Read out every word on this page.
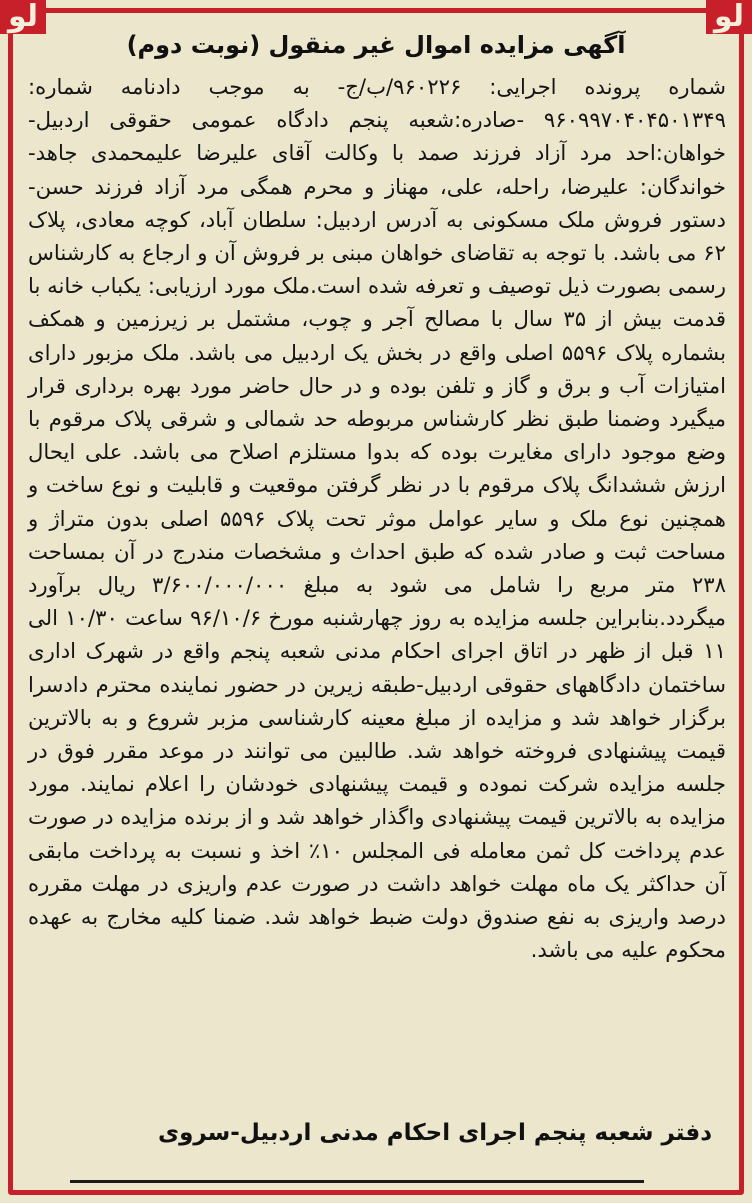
لو	لو
آگهی مزایده اموال غیر منقول (نوبت دوم)
شماره پرونده اجرایی: ۹۶۰۲۲۶/ب/ج- به موجب دادنامه شماره: ۹۶۰۹۹۷۰۴۰۴۵۰۱۳۴۹ -صادره:شعبه پنجم دادگاه عمومی حقوقی اردبیل-خواهان:احد مرد آزاد فرزند صمد با وکالت آقای علیرضا علیمحمدی جاهد-خواندگان: علیرضا، راحله، علی، مهناز و محرم همگی مرد آزاد فرزند حسن-دستور فروش ملک مسکونی به آدرس اردبیل: سلطان آباد، کوچه معادی، پلاک ۶۲ می باشد. با توجه به تقاضای خواهان مبنی بر فروش آن و ارجاع به کارشناس رسمی بصورت ذیل توصیف و تعرفه شده است.ملک مورد ارزیابی: یکباب خانه با قدمت بیش از ۳۵ سال با مصالح آجر و چوب، مشتمل بر زیرزمین و همکف بشماره پلاک ۵۵۹۶ اصلی واقع در بخش یک اردبیل می باشد. ملک مزبور دارای امتیازات آب و برق و گاز و تلفن بوده و در حال حاضر مورد بهره برداری قرار میگیرد وضمنا طبق نظر کارشناس مربوطه حد شمالی و شرقی پلاک مرقوم با وضع موجود دارای مغایرت بوده که بدوا مستلزم اصلاح می باشد. علی ایحال ارزش ششدانگ پلاک مرقوم با در نظر گرفتن موقعیت و قابلیت و نوع ساخت و همچنین نوع ملک و سایر عوامل موثر تحت پلاک ۵۵۹۶ اصلی بدون متراژ و مساحت ثبت و صادر شده که طبق احداث و مشخصات مندرج در آن بمساحت ۲۳۸ متر مربع را شامل می شود به مبلغ ۳/۶۰۰/۰۰۰/۰۰۰ ریال برآورد میگردد.بنابراین جلسه مزایده به روز چهارشنبه مورخ ۹۶/۱۰/۶ ساعت ۱۰/۳۰ الی ۱۱ قبل از ظهر در اتاق اجرای احکام مدنی شعبه پنجم واقع در شهرک اداری ساختمان دادگاههای حقوقی اردبیل-طبقه زیرین در حضور نماینده محترم دادسرا برگزار خواهد شد و مزایده از مبلغ معینه کارشناسی مزبر شروع و به بالاترین قیمت پیشنهادی فروخته خواهد شد. طالبین می توانند در موعد مقرر فوق در جلسه مزایده شرکت نموده و قیمت پیشنهادی خودشان را اعلام نمایند. مورد مزایده به بالاترین قیمت پیشنهادی واگذار خواهد شد و از برنده مزایده در صورت عدم پرداخت کل ثمن معامله فی المجلس ۱۰٪ اخذ و نسبت به پرداخت مابقی آن حداکثر یک ماه مهلت خواهد داشت در صورت عدم واریزی در مهلت مقرره درصد واریزی به نفع صندوق دولت ضبط خواهد شد. ضمنا کلیه مخارج به عهده محکوم علیه می باشد.
دفتر شعبه پنجم اجرای احکام مدنی اردبیل-سروی
